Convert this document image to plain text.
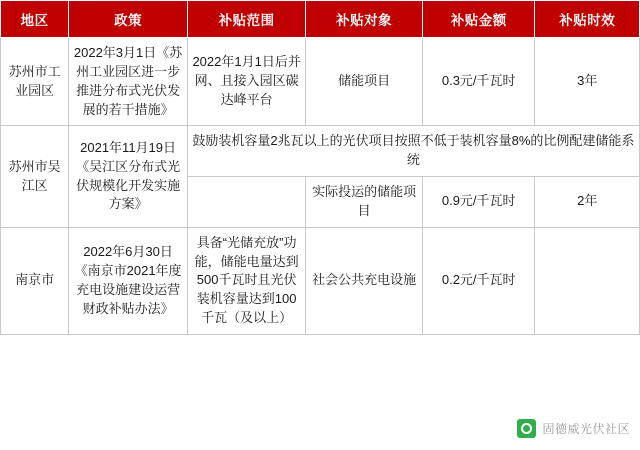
地区	政策	补贴范围	补贴对象	补贴金额	补贴时效
苏州市工业园区	2022年3月1日《苏州工业园区进一步推进分布式光伏发展的若干措施》	2022年1月1日后并网、且接入园区碳达峰平台	储能项目	0.3元/千瓦时	3年
苏州市吴江区	2021年11月19日《吴江区分布式光伏规模化开发实施方案》	鼓励装机容量2兆瓦以上的光伏项目按照不低于装机容量8%的比例配建储能系统			
			实际投运的储能项目	0.9元/千瓦时	2年
南京市	2022年6月30日《南京市2021年度充电设施建设运营财政补贴办法》	具备“光储充放”功能，储能电量达到500千瓦时且光伏装机容量达到100千瓦（及以上）	社会公共充电设施	0.2元/千瓦时	
固德威光伏社区
